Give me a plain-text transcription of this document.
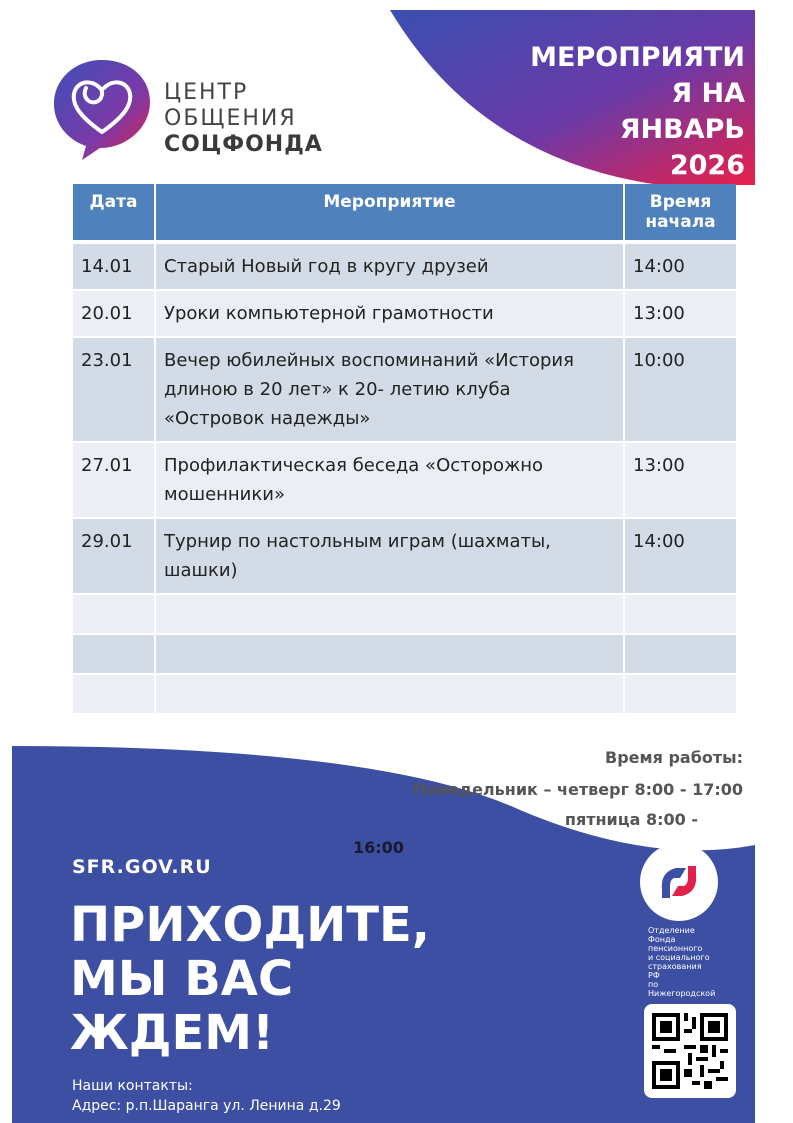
ЦЕНТР
ОБЩЕНИЯ
СОЦФОНДА
МЕРОПРИЯТИ
Я НА
ЯНВАРЬ
2026
Дата	Мероприятие	Время начала
14.01	Старый Новый год в кругу друзей	14:00
20.01	Уроки компьютерной грамотности	13:00
23.01	Вечер юбилейных воспоминаний «История длиною в 20 лет» к 20- летию клуба «Островок надежды»	10:00
27.01	Профилактическая беседа «Осторожно мошенники»	13:00
29.01	Турнир по настольным играм (шахматы, шашки)	14:00

Время работы:
Понедельник – четверг 8:00 - 17:00
пятница 8:00 -
16:00
SFR.GOV.RU
ПРИХОДИТЕ,
МЫ ВАС
ЖДЕМ!
Наши контакты:
Адрес: р.п.Шаранга ул. Ленина д.29
Отделение
Фонда
пенсионного
и социального
страхования
РФ
по
Нижегородской
